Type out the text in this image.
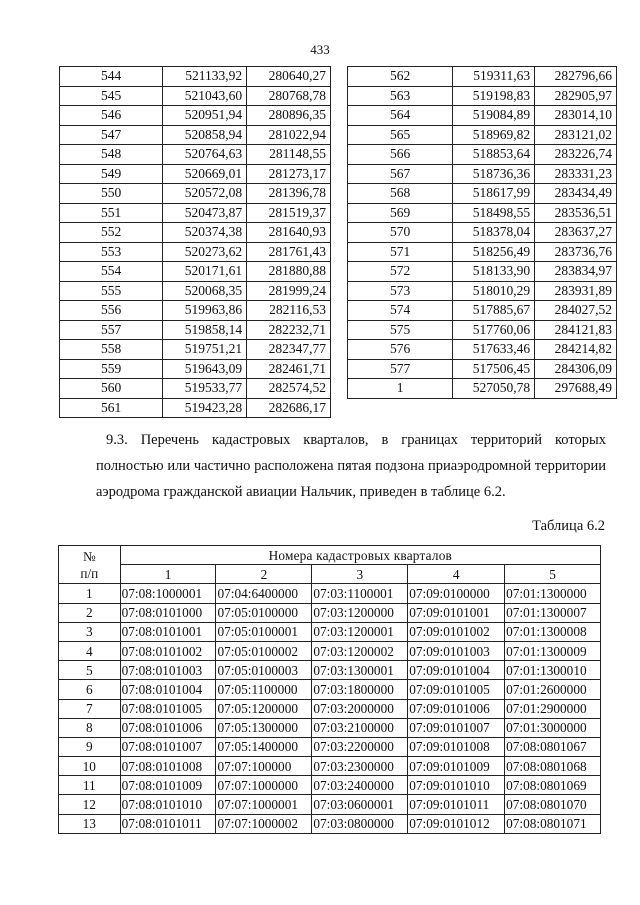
433
544	521133,92	280640,27
545	521043,60	280768,78
546	520951,94	280896,35
547	520858,94	281022,94
548	520764,63	281148,55
549	520669,01	281273,17
550	520572,08	281396,78
551	520473,87	281519,37
552	520374,38	281640,93
553	520273,62	281761,43
554	520171,61	281880,88
555	520068,35	281999,24
556	519963,86	282116,53
557	519858,14	282232,71
558	519751,21	282347,77
559	519643,09	282461,71
560	519533,77	282574,52
561	519423,28	282686,17
562	519311,63	282796,66
563	519198,83	282905,97
564	519084,89	283014,10
565	518969,82	283121,02
566	518853,64	283226,74
567	518736,36	283331,23
568	518617,99	283434,49
569	518498,55	283536,51
570	518378,04	283637,27
571	518256,49	283736,76
572	518133,90	283834,97
573	518010,29	283931,89
574	517885,67	284027,52
575	517760,06	284121,83
576	517633,46	284214,82
577	517506,45	284306,09
1	527050,78	297688,49

9.3. Перечень кадастровых кварталов, в границах территорий которых
полностью или частично расположена пятая подзона приаэродромной территории
аэродрома гражданской авиации Нальчик, приведен в таблице 6.2.

Таблица 6.2
№
п/п	Номера кадастровых кварталов				
	1	2	3	4	5
1	07:08:1000001	07:04:6400000	07:03:1100001	07:09:0100000	07:01:1300000
2	07:08:0101000	07:05:0100000	07:03:1200000	07:09:0101001	07:01:1300007
3	07:08:0101001	07:05:0100001	07:03:1200001	07:09:0101002	07:01:1300008
4	07:08:0101002	07:05:0100002	07:03:1200002	07:09:0101003	07:01:1300009
5	07:08:0101003	07:05:0100003	07:03:1300001	07:09:0101004	07:01:1300010
6	07:08:0101004	07:05:1100000	07:03:1800000	07:09:0101005	07:01:2600000
7	07:08:0101005	07:05:1200000	07:03:2000000	07:09:0101006	07:01:2900000
8	07:08:0101006	07:05:1300000	07:03:2100000	07:09:0101007	07:01:3000000
9	07:08:0101007	07:05:1400000	07:03:2200000	07:09:0101008	07:08:0801067
10	07:08:0101008	07:07:100000	07:03:2300000	07:09:0101009	07:08:0801068
11	07:08:0101009	07:07:1000000	07:03:2400000	07:09:0101010	07:08:0801069
12	07:08:0101010	07:07:1000001	07:03:0600001	07:09:0101011	07:08:0801070
13	07:08:0101011	07:07:1000002	07:03:0800000	07:09:0101012	07:08:0801071
